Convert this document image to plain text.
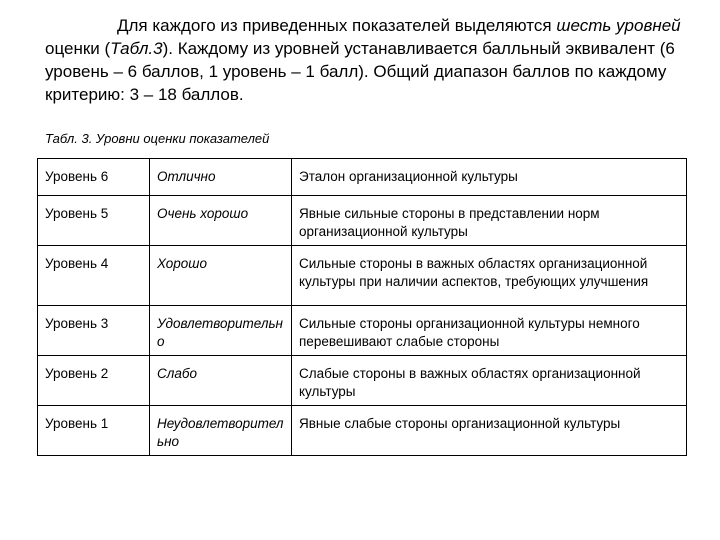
Для каждого из приведенных показателей выделяются шесть уровней оценки (Табл.3). Каждому из уровней устанавливается балльный эквивалент (6 уровень – 6 баллов, 1 уровень – 1 балл). Общий диапазон баллов по каждому критерию: 3 – 18 баллов.

Табл. 3. Уровни оценки показателей
Уровень 6	Отлично	Эталон организационной культуры
Уровень 5	Очень хорошо	Явные сильные стороны в представлении норм организационной культуры
Уровень 4	Хорошо	Сильные стороны в важных областях организационной культуры при наличии аспектов, требующих улучшения
Уровень 3	Удовлетворительно	Сильные стороны организационной культуры немного перевешивают слабые стороны
Уровень 2	Слабо	Слабые стороны в важных областях организационной культуры
Уровень 1	Неудовлетворительно	Явные слабые стороны организационной культуры
